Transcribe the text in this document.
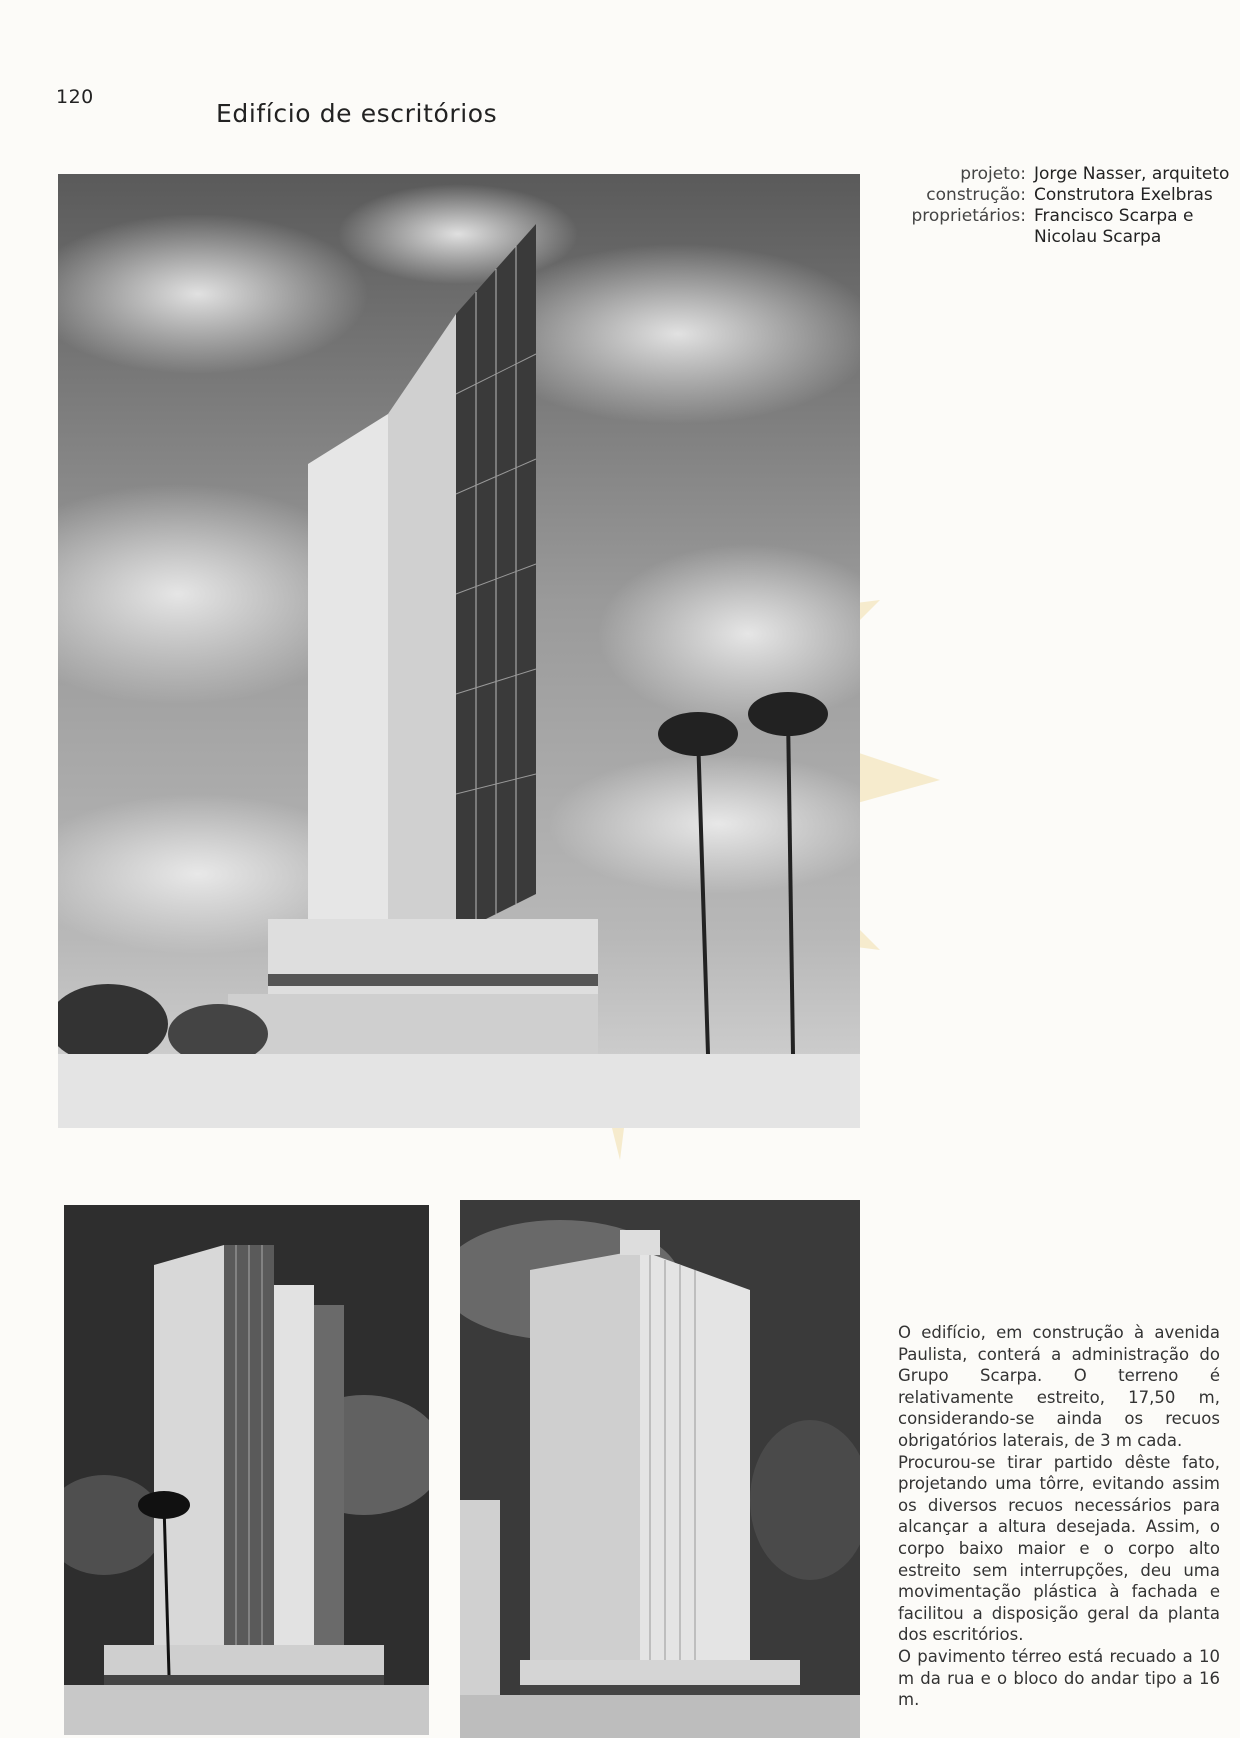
120
Edifício de escritórios
projeto: Jorge Nasser, arquiteto
construção: Construtora Exelbras
proprietários: Francisco Scarpa e
Nicolau Scarpa

O edifício, em construção à avenida Paulista, conterá a administração do Grupo Scarpa. O terreno é relativamente estreito, 17,50 m, considerando-se ainda os recuos obrigatórios laterais, de 3 m cada.

Procurou-se tirar partido dêste fato, projetando uma tôrre, evitando assim os diversos recuos necessários para alcançar a altura desejada. Assim, o corpo baixo maior e o corpo alto estreito sem interrupções, deu uma movimentação plástica à fachada e facilitou a disposição geral da planta dos escritórios.

O pavimento térreo está recuado a 10 m da rua e o bloco do andar tipo a 16 m.
